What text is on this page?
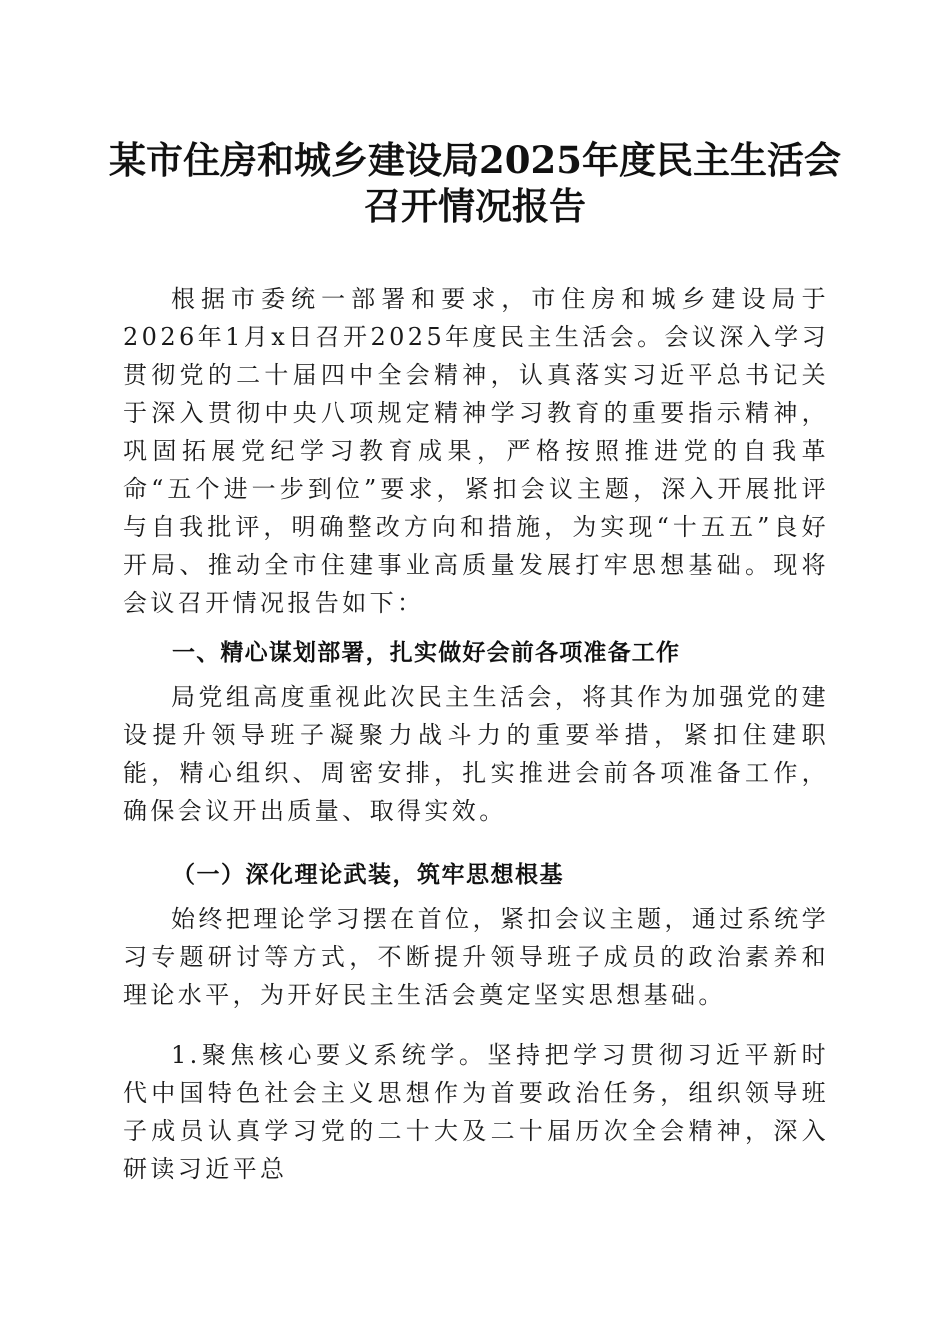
某市住房和城乡建设局2025年度民主生活会
召开情况报告

根据市委统一部署和要求，市住房和城乡建设局于2026年1月x日召开2025年度民主生活会。会议深入学习贯彻党的二十届四中全会精神，认真落实习近平总书记关于深入贯彻中央八项规定精神学习教育的重要指示精神，巩固拓展党纪学习教育成果，严格按照推进党的自我革命“五个进一步到位”要求，紧扣会议主题，深入开展批评与自我批评，明确整改方向和措施，为实现“十五五”良好开局、推动全市住建事业高质量发展打牢思想基础。现将会议召开情况报告如下：

一、精心谋划部署，扎实做好会前各项准备工作

局党组高度重视此次民主生活会，将其作为加强党的建设提升领导班子凝聚力战斗力的重要举措，紧扣住建职能，精心组织、周密安排，扎实推进会前各项准备工作，确保会议开出质量、取得实效。

（一）深化理论武装，筑牢思想根基

始终把理论学习摆在首位，紧扣会议主题，通过系统学习专题研讨等方式，不断提升领导班子成员的政治素养和理论水平，为开好民主生活会奠定坚实思想基础。

1.聚焦核心要义系统学。坚持把学习贯彻习近平新时代中国特色社会主义思想作为首要政治任务，组织领导班子成员认真学习党的二十大及二十届历次全会精神，深入研读习近平总
